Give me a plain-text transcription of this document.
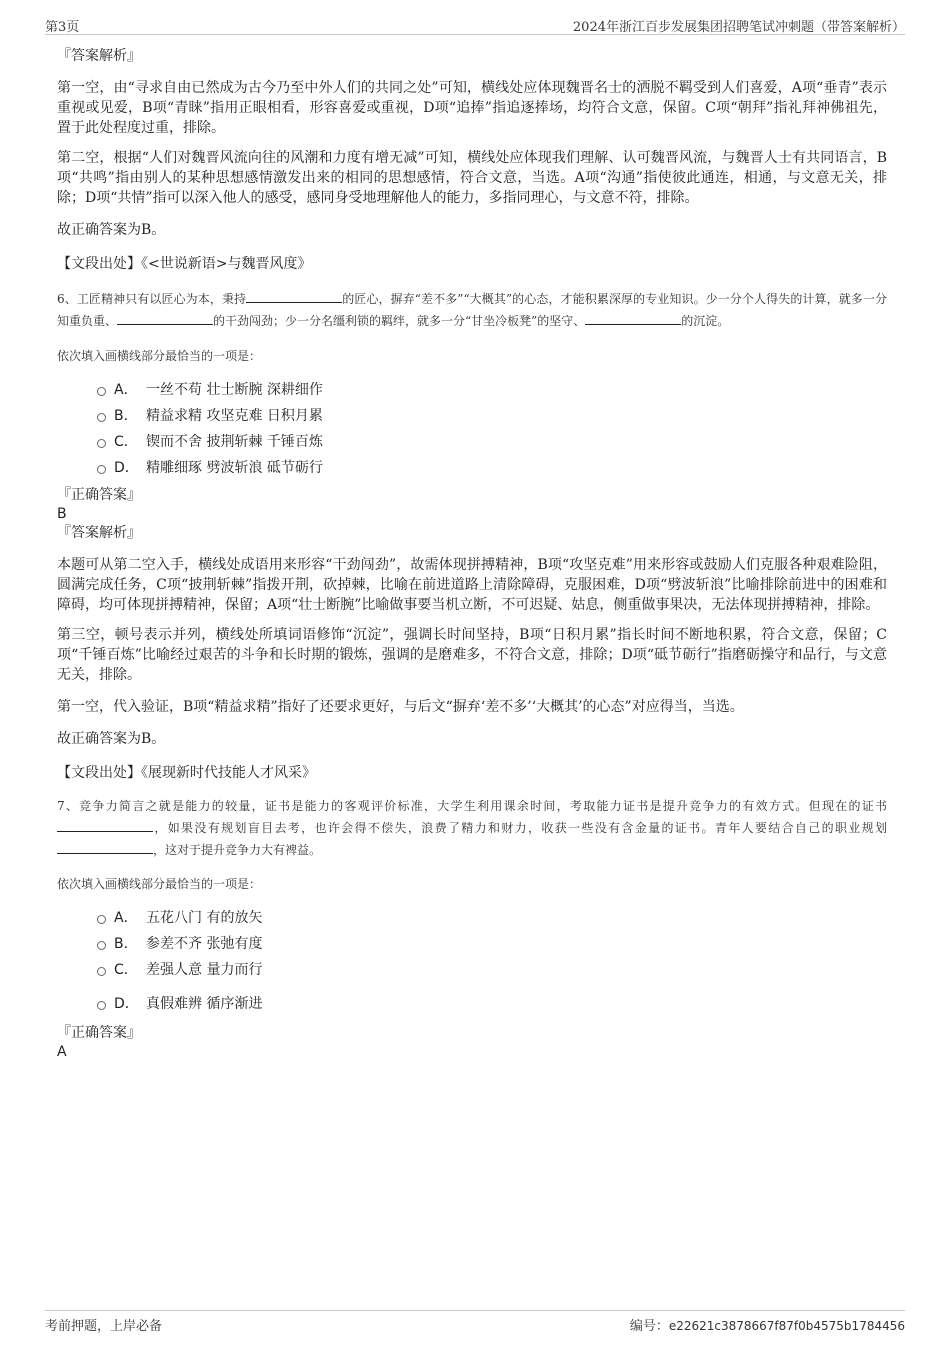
第3页	2024年浙江百步发展集团招聘笔试冲刺题（带答案解析）
『答案解析』

第一空，由“寻求自由已然成为古今乃至中外人们的共同之处”可知，横线处应体现魏晋名士的洒脱不羁受到人们喜爱，A项“垂青”表示重视或见爱，B项“青睐”指用正眼相看，形容喜爱或重视，D项“追捧”指追逐捧场，均符合文意，保留。C项“朝拜”指礼拜神佛祖先，置于此处程度过重，排除。

第二空，根据“人们对魏晋风流向往的风潮和力度有增无减”可知，横线处应体现我们理解、认可魏晋风流，与魏晋人士有共同语言，B项“共鸣”指由别人的某种思想感情激发出来的相同的思想感情，符合文意，当选。A项“沟通”指使彼此通连，相通，与文意无关，排除；D项“共情”指可以深入他人的感受，感同身受地理解他人的能力，多指同理心，与文意不符，排除。

故正确答案为B。

【文段出处】《<世说新语>与魏晋风度》

6、工匠精神只有以匠心为本，秉持	的匠心，摒弃“差不多”“大概其”的心态，才能积累深厚的专业知识。少一分个人得失的计算，就多一分知重负重、	的干劲闯劲；少一分名缰利锁的羁绊，就多一分“甘坐冷板凳”的坚守、	的沉淀。

依次填入画横线部分最恰当的一项是：
A． 一丝不苟 壮士断腕 深耕细作
B． 精益求精 攻坚克难 日积月累
C． 锲而不舍 披荆斩棘 千锤百炼
D． 精雕细琢 劈波斩浪 砥节砺行
『正确答案』
B
『答案解析』

本题可从第二空入手，横线处成语用来形容“干劲闯劲”，故需体现拼搏精神，B项“攻坚克难”用来形容或鼓励人们克服各种艰难险阻，圆满完成任务，C项“披荆斩棘”指拨开荆，砍掉棘，比喻在前进道路上清除障碍，克服困难，D项“劈波斩浪”比喻排除前进中的困难和障碍，均可体现拼搏精神，保留；A项“壮士断腕”比喻做事要当机立断，不可迟疑、姑息，侧重做事果决，无法体现拼搏精神，排除。

第三空，顿号表示并列，横线处所填词语修饰“沉淀”，强调长时间坚持，B项“日积月累”指长时间不断地积累，符合文意，保留；C项“千锤百炼”比喻经过艰苦的斗争和长时期的锻炼，强调的是磨难多，不符合文意，排除；D项“砥节砺行”指磨砺操守和品行，与文意无关，排除。

第一空，代入验证，B项“精益求精”指好了还要求更好，与后文“摒弃‘差不多’‘大概其’的心态”对应得当，当选。

故正确答案为B。

【文段出处】《展现新时代技能人才风采》

7、竞争力简言之就是能力的较量，证书是能力的客观评价标准，大学生利用课余时间，考取能力证书是提升竞争力的有效方式。但现在的证书，如果没有规划盲目去考，也许会得不偿失，浪费了精力和财力，收获一些没有含金量的证书。青年人要结合自己的职业规划，这对于提升竞争力大有裨益。

依次填入画横线部分最恰当的一项是：
A． 五花八门 有的放矢
B． 参差不齐 张弛有度
C． 差强人意 量力而行
D． 真假难辨 循序渐进
『正确答案』
A
考前押题，上岸必备	编号：e22621c3878667f87f0b4575b1784456
